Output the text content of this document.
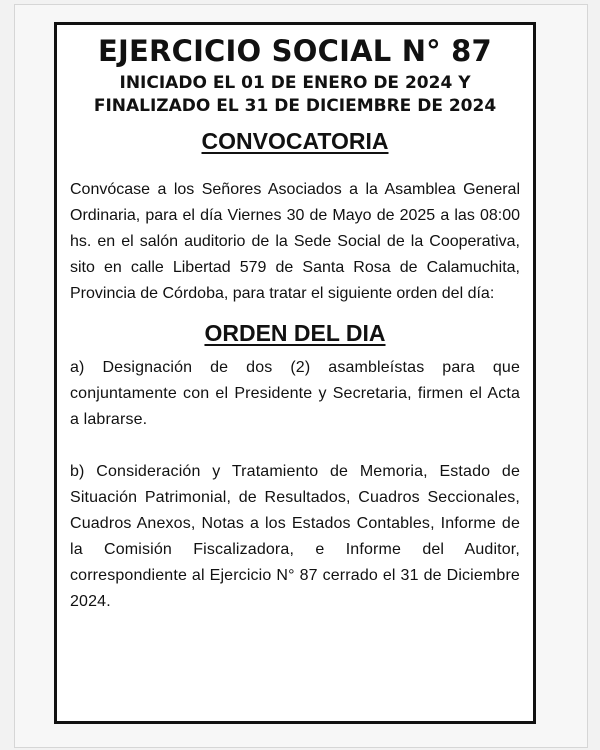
EJERCICIO SOCIAL N° 87
INICIADO EL 01 DE ENERO DE 2024 Y
FINALIZADO EL 31 DE DICIEMBRE DE 2024
CONVOCATORIA

Convócase a los Señores Asociados a la Asamblea General Ordinaria, para el día Viernes 30 de Mayo de 2025 a las 08:00 hs. en el salón auditorio de la Sede Social de la Cooperativa, sito en calle Libertad 579 de Santa Rosa de Calamuchita, Provincia de Córdoba, para tratar el siguiente orden del día:

ORDEN DEL DIA

a) Designación de dos (2) asambleístas para que conjuntamente con el Presidente y Secretaria, firmen el Acta a labrarse.

b) Consideración y Tratamiento de Memoria, Estado de Situación Patrimonial, de Resultados, Cuadros Seccionales, Cuadros Anexos, Notas a los Estados Contables, Informe de la Comisión Fiscalizadora, e Informe del Auditor, correspondiente al Ejercicio N° 87 cerrado el 31 de Diciembre 2024.
